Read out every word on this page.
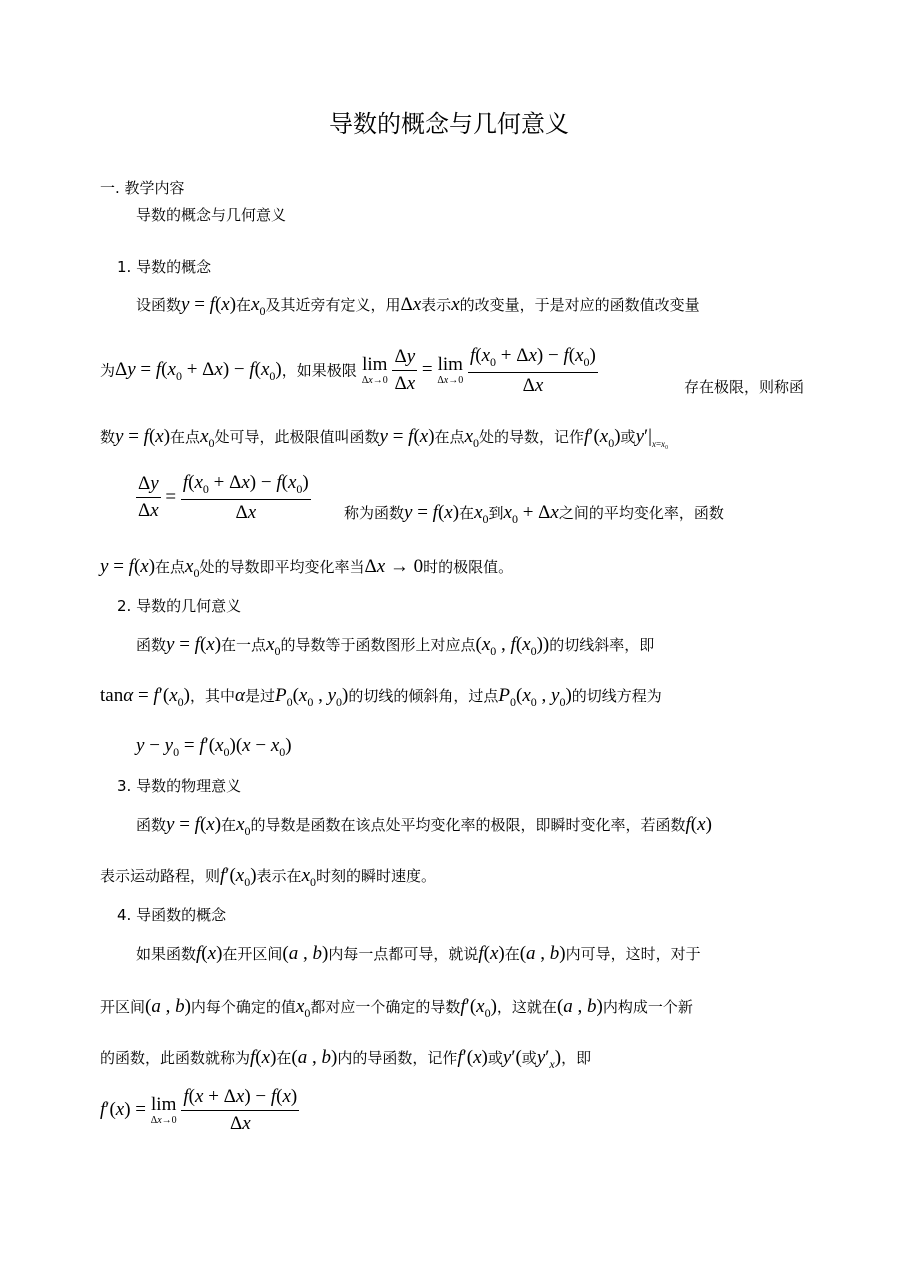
导数的概念与几何意义
一. 教学内容
导数的概念与几何意义
1. 导数的概念
设函数y = f(x)在$x_0$及其近旁有定义，用Δx表示x的改变量，于是对应的函数值改变量
为$\Delta y = f(x_0 + \Delta x) - f(x_0)$，如果极限 lim
Δx→0
$\frac{\Delta y}{\Delta x} = \lim$
Δx→0
$\frac{f(x_0 + \Delta x) - f(x_0)}{\Delta x}$	存在极限，则称函
数y = f(x)在点$x_0$处可导，此极限值叫函数y = f(x)在点$x_0$处的导数，记作$f'(x_0)$或$y'|_{x=x_0}$
$\frac{\Delta y}{\Delta x} = \frac{f(x_0 + \Delta x) - f(x_0)}{\Delta x}$ 称为函数y = f(x)在$x_0$到$x_0 + \Delta x$之间的平均变化率，函数
y = f(x)在点$x_0$处的导数即平均变化率当Δx → 0时的极限值。
2. 导数的几何意义
函数y = f(x)在一点$x_0$的导数等于函数图形上对应点($x_0$ , $f(x_0)$)的切线斜率，即
$\tan\alpha = f'(x_0)$，其中α是过$P_0(x_0$ , $y_0$)的切线的倾斜角，过点$P_0(x_0$ , $y_0$)的切线方程为
$y - y_0 = f'(x_0)(x - x_0)$
3. 导数的物理意义
函数y = f(x)在$x_0$的导数是函数在该点处平均变化率的极限，即瞬时变化率，若函数f(x)
表示运动路程，则$f'(x_0)$表示在$x_0$时刻的瞬时速度。
4. 导函数的概念
如果函数f(x)在开区间(a , b)内每一点都可导，就说f(x)在(a , b)内可导，这时，对于
开区间(a , b)内每个确定的值$x_0$都对应一个确定的导数$f'(x_0)$，这就在(a , b)内构成一个新
的函数，此函数就称为f(x)在(a , b)内的导函数，记作f′(x)或y′(或$y'_x$)，即
f′(x) = lim
Δx→0
$\frac{f(x + \Delta x) - f(x)}{\Delta x}$
